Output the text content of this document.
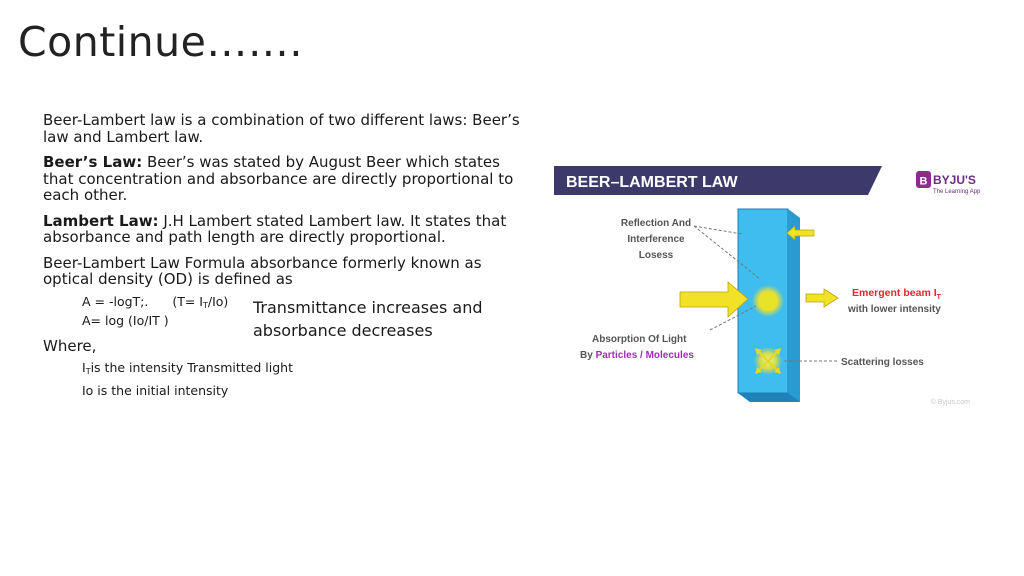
Continue…….

Beer-Lambert law is a combination of two different laws: Beer’s law and Lambert law.

Beer’s Law: Beer’s was stated by August Beer which states that concentration and absorbance are directly proportional to each other.

Lambert Law: J.H Lambert stated Lambert law. It states that absorbance and path length are directly proportional.

Beer-Lambert Law Formula absorbance formerly known as optical density (OD) is defined as

A = -logT;. $(T= I_T/Io)$
A= log (Io/IT )
Transmittance increases and absorbance decreases
Where,
$I_Tis$ the intensity Transmitted light
Io is the initial intensity
BEER–LAMBERT LAW	B BYJU'S
The Learning App
Reflection And
Interference
Losess
Emergent beam $I_T$
with lower intensity
Absorption Of Light
By Particles / Molecules
Scattering losses
© Byjus.com
